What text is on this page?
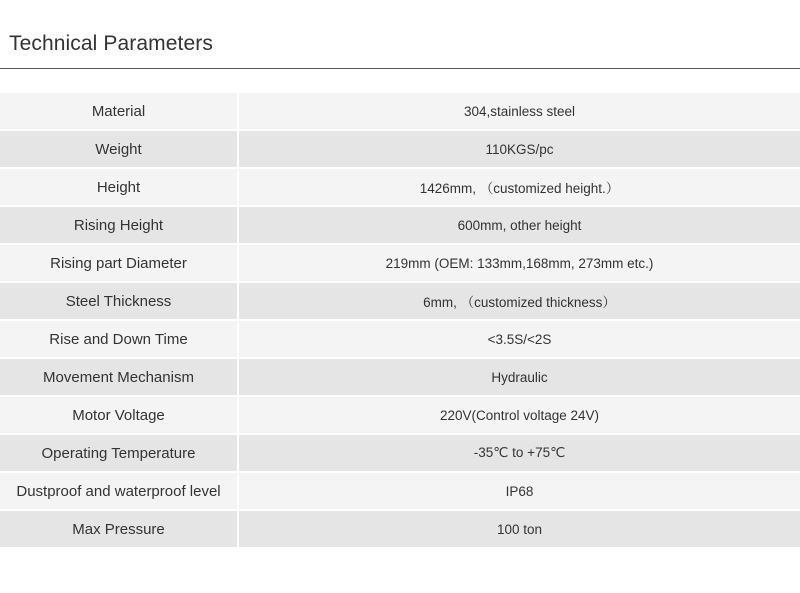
Technical Parameters
Material	304,stainless steel
Weight	110KGS/pc
Height	1426mm, （customized height.）
Rising Height	600mm, other height
Rising part Diameter	219mm (OEM: 133mm,168mm, 273mm etc.)
Steel Thickness	6mm, （customized thickness）
Rise and Down Time	<3.5S/<2S
Movement Mechanism	Hydraulic
Motor Voltage	220V(Control voltage 24V)
Operating Temperature	-35℃ to +75℃
Dustproof and waterproof level	IP68
Max Pressure	100 ton
